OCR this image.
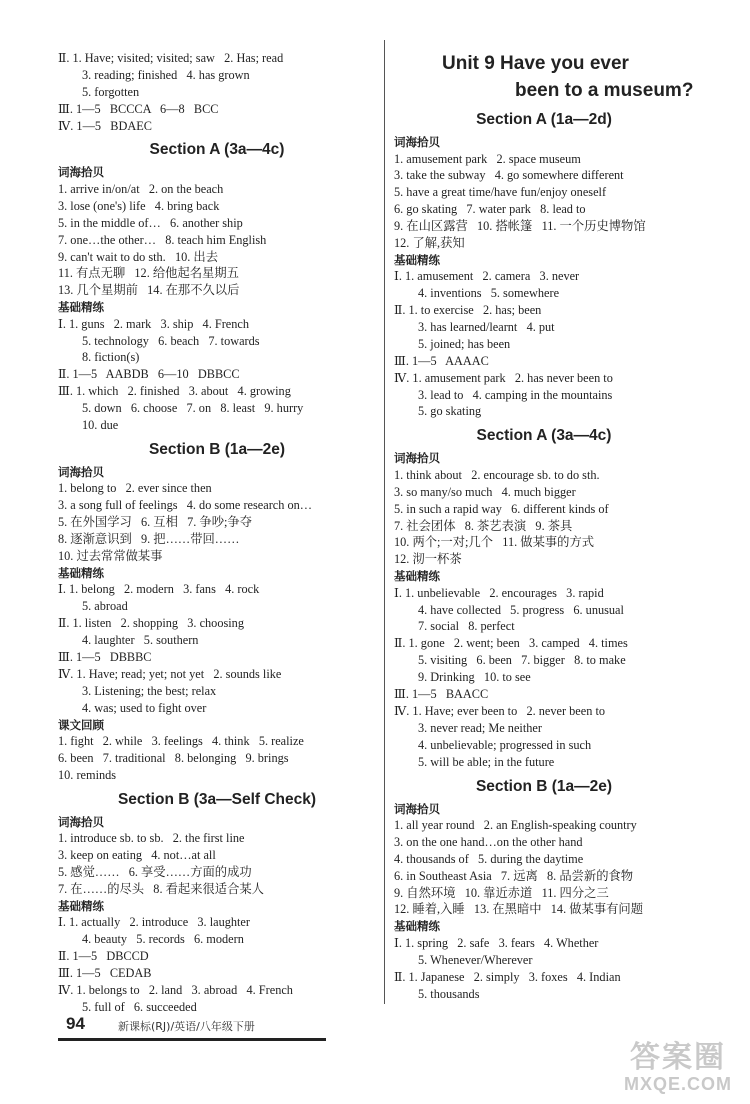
Ⅱ. 1. Have; visited; visited; saw   2. Has; read
3. reading; finished   4. has grown
5. forgotten
Ⅲ. 1—5   BCCCA   6—8   BCC
Ⅳ. 1—5   BDAEC
Section A (3a—4c)
词海拾贝
1. arrive in/on/at   2. on the beach
3. lose (one's) life   4. bring back
5. in the middle of…   6. another ship
7. one…the other…   8. teach him English
9. can't wait to do sth.   10. 出去
11. 有点无聊   12. 给他起名星期五
13. 几个星期前   14. 在那不久以后
基础精练
Ⅰ. 1. guns   2. mark   3. ship   4. French
5. technology   6. beach   7. towards
8. fiction(s)
Ⅱ. 1—5   AABDB   6—10   DBBCC
Ⅲ. 1. which   2. finished   3. about   4. growing
5. down   6. choose   7. on   8. least   9. hurry
10. due
Section B (1a—2e)
词海拾贝
1. belong to   2. ever since then
3. a song full of feelings   4. do some research on…
5. 在外国学习   6. 互相   7. 争吵;争夺
8. 逐渐意识到   9. 把……带回……
10. 过去常常做某事
基础精练
Ⅰ. 1. belong   2. modern   3. fans   4. rock
5. abroad
Ⅱ. 1. listen   2. shopping   3. choosing
4. laughter   5. southern
Ⅲ. 1—5   DBBBC
Ⅳ. 1. Have; read; yet; not yet   2. sounds like
3. Listening; the best; relax
4. was; used to fight over
课文回顾
1. fight   2. while   3. feelings   4. think   5. realize
6. been   7. traditional   8. belonging   9. brings
10. reminds
Section B (3a—Self Check)
词海拾贝
1. introduce sb. to sb.   2. the first line
3. keep on eating   4. not…at all
5. 感觉……   6. 享受……方面的成功
7. 在……的尽头   8. 看起来很适合某人
基础精练
Ⅰ. 1. actually   2. introduce   3. laughter
4. beauty   5. records   6. modern
Ⅱ. 1—5   DBCCD
Ⅲ. 1—5   CEDAB
Ⅳ. 1. belongs to   2. land   3. abroad   4. French
5. full of   6. succeeded
Unit 9 Have you ever
been to a museum?
Section A (1a—2d)
词海拾贝
1. amusement park   2. space museum
3. take the subway   4. go somewhere different
5. have a great time/have fun/enjoy oneself
6. go skating   7. water park   8. lead to
9. 在山区露营   10. 搭帐篷   11. 一个历史博物馆
12. 了解,获知
基础精练
Ⅰ. 1. amusement   2. camera   3. never
4. inventions   5. somewhere
Ⅱ. 1. to exercise   2. has; been
3. has learned/learnt   4. put
5. joined; has been
Ⅲ. 1—5   AAAAC
Ⅳ. 1. amusement park   2. has never been to
3. lead to   4. camping in the mountains
5. go skating
Section A (3a—4c)
词海拾贝
1. think about   2. encourage sb. to do sth.
3. so many/so much   4. much bigger
5. in such a rapid way   6. different kinds of
7. 社会团体   8. 茶艺表演   9. 茶具
10. 两个;一对;几个   11. 做某事的方式
12. 沏一杯茶
基础精练
Ⅰ. 1. unbelievable   2. encourages   3. rapid
4. have collected   5. progress   6. unusual
7. social   8. perfect
Ⅱ. 1. gone   2. went; been   3. camped   4. times
5. visiting   6. been   7. bigger   8. to make
9. Drinking   10. to see
Ⅲ. 1—5   BAACC
Ⅳ. 1. Have; ever been to   2. never been to
3. never read; Me neither
4. unbelievable; progressed in such
5. will be able; in the future
Section B (1a—2e)
词海拾贝
1. all year round   2. an English-speaking country
3. on the one hand…on the other hand
4. thousands of   5. during the daytime
6. in Southeast Asia   7. 远离   8. 品尝新的食物
9. 自然环境   10. 靠近赤道   11. 四分之三
12. 睡着,入睡   13. 在黑暗中   14. 做某事有问题
基础精练
Ⅰ. 1. spring   2. safe   3. fears   4. Whether
5. Whenever/Wherever
Ⅱ. 1. Japanese   2. simply   3. foxes   4. Indian
5. thousands
94	新课标(RJ)/英语/八年级下册
答案圈
MXQE.COM
